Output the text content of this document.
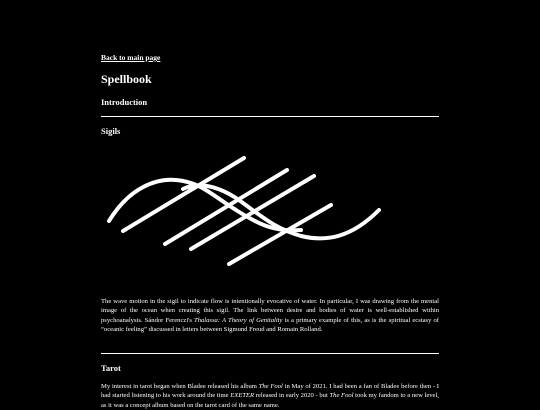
Back to main page
Spellbook
Introduction
Sigils

The wave motion in the sigil to indicate flow is intentionally evocative of water. In particular, I was drawing from the mental image of the ocean when creating this sigil. The link between desire and bodies of water is well-established within psychoanalysis. Sándor Ferenczi's Thalassa: A Theory of Genitality is a primary example of this, as is the spiritual ecstasy of “oceanic feeling” discussed in letters between Sigmund Freud and Romain Rolland.

Tarot

My interest in tarot began when Bladee released his album The Fool in May of 2021. I had been a fan of Bladee before then - I had started listening to his work around the time EXETER released in early 2020 - but The Fool took my fandom to a new level, as it was a concept album based on the tarot card of the same name.
